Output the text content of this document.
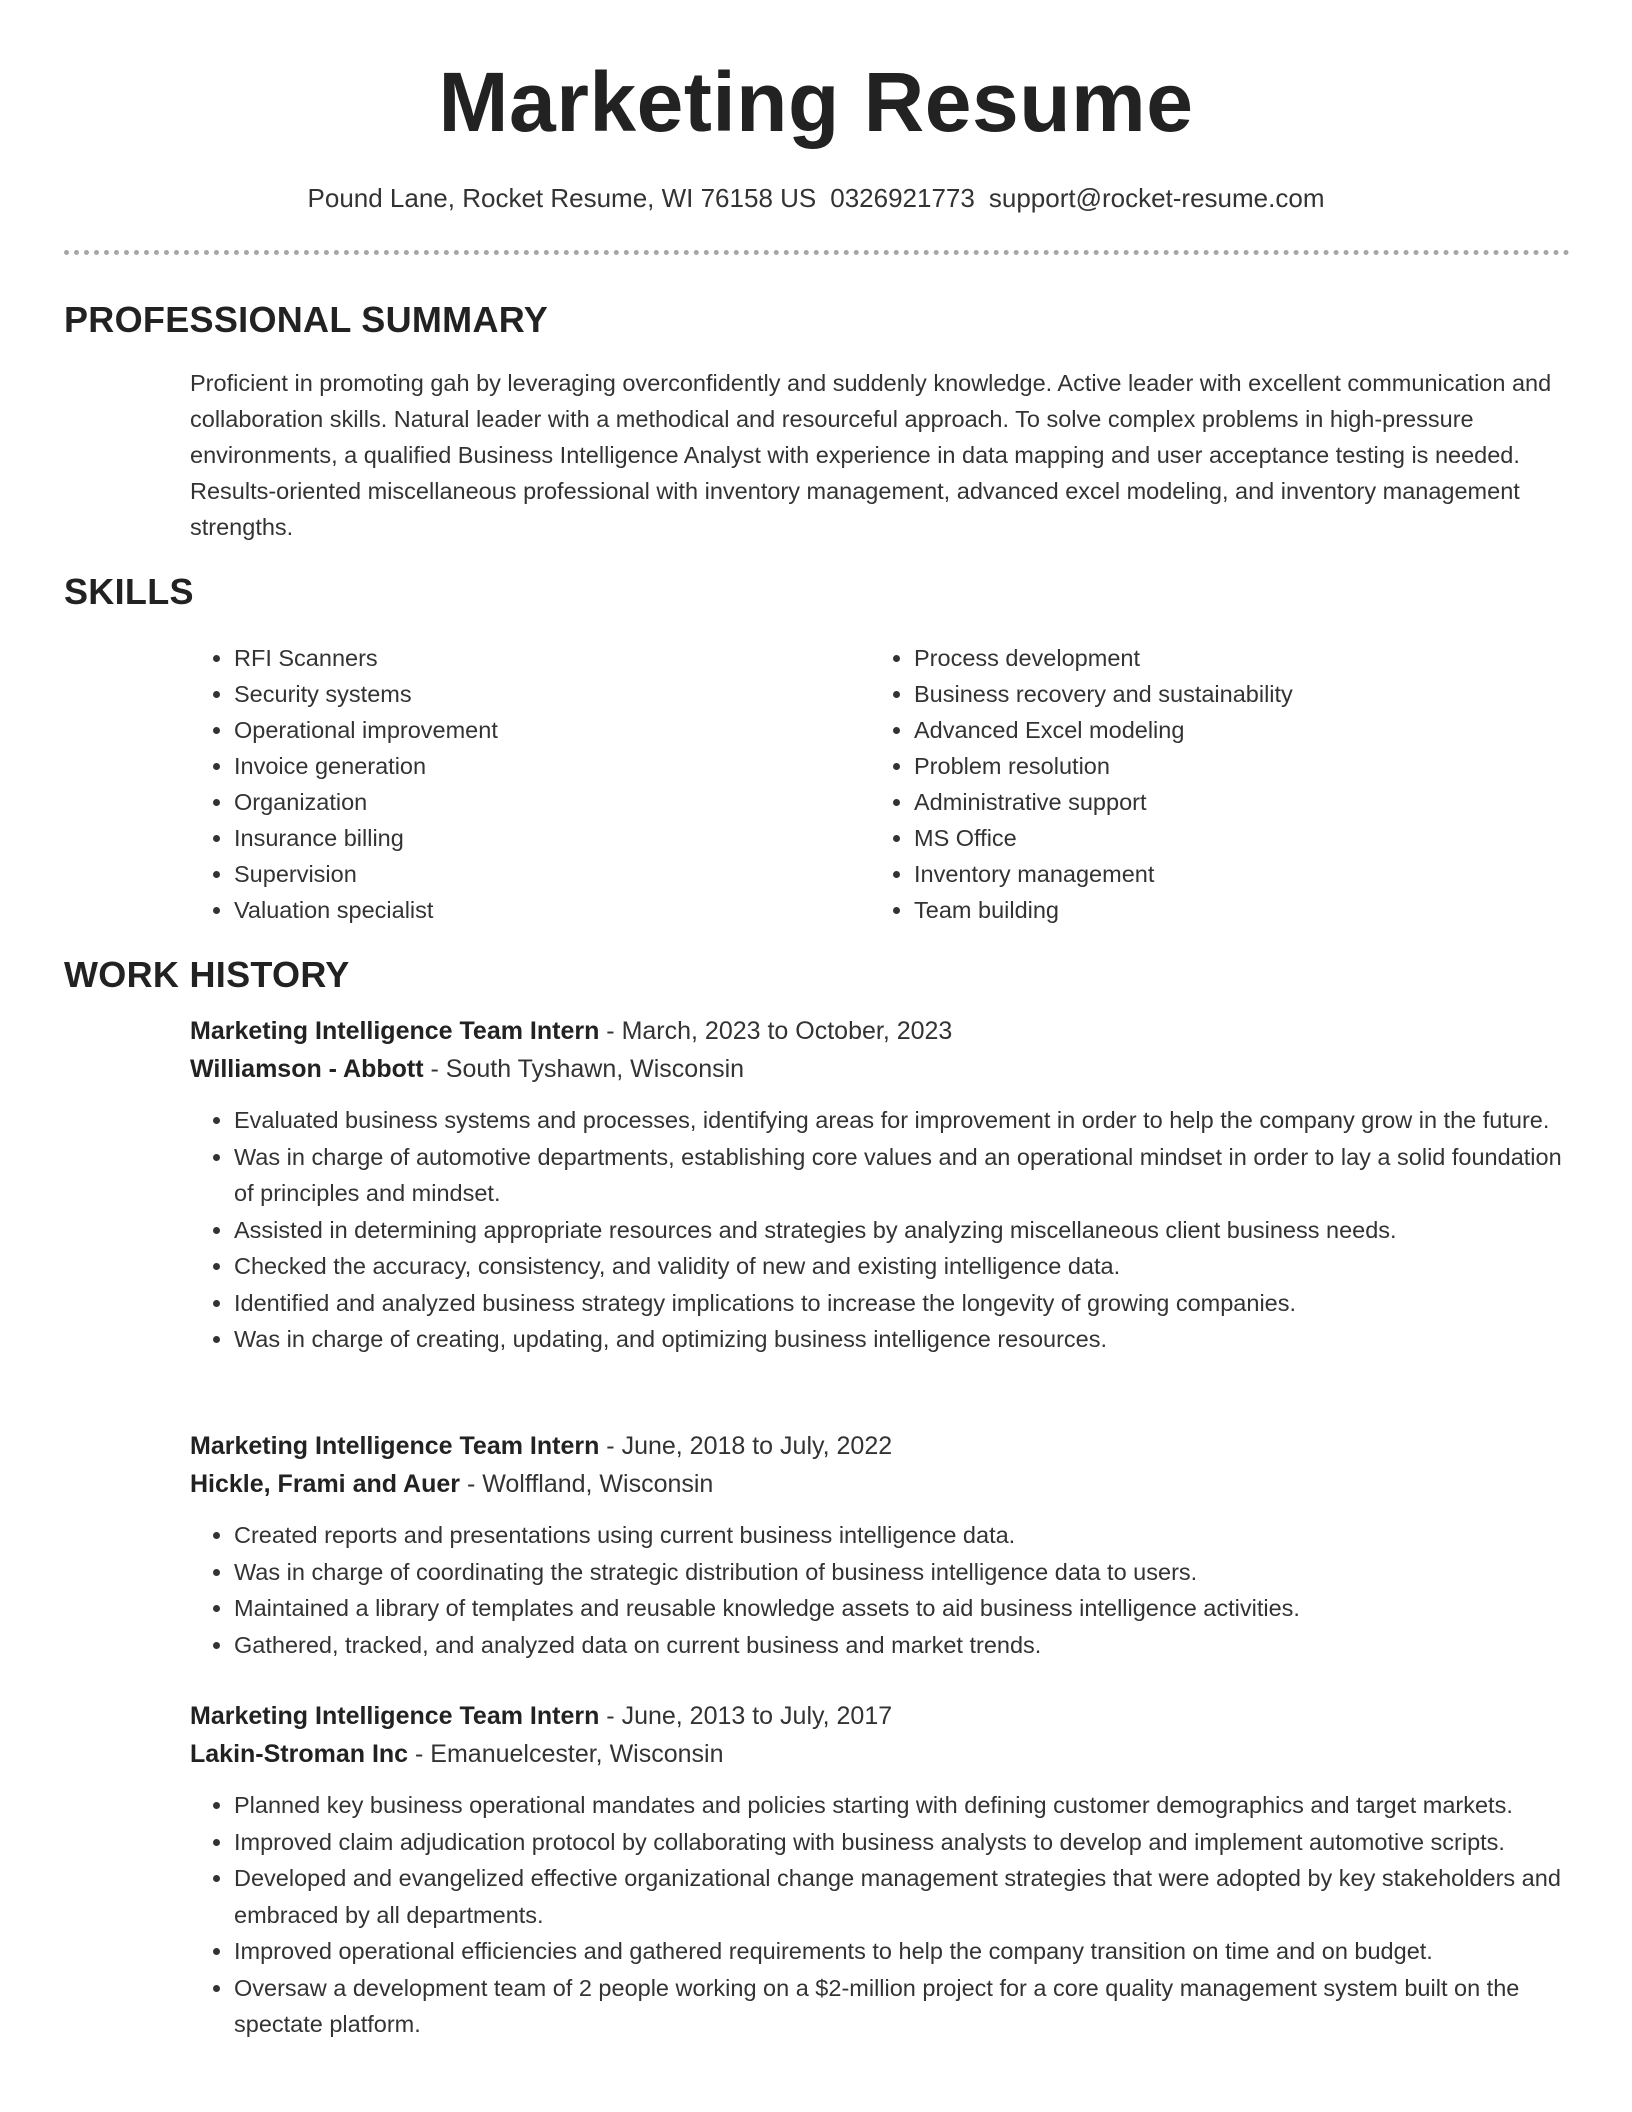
Marketing Resume
Pound Lane, Rocket Resume, WI 76158 US 0326921773 support@rocket-resume.com
PROFESSIONAL SUMMARY
Proficient in promoting gah by leveraging overconfidently and suddenly knowledge. Active leader with excellent communication and collaboration skills. Natural leader with a methodical and resourceful approach. To solve complex problems in high-pressure environments, a qualified Business Intelligence Analyst with experience in data mapping and user acceptance testing is needed. Results-oriented miscellaneous professional with inventory management, advanced excel modeling, and inventory management strengths.
SKILLS
• RFI Scanners
• Security systems
• Operational improvement
• Invoice generation
• Organization
• Insurance billing
• Supervision
• Valuation specialist
• Process development
• Business recovery and sustainability
• Advanced Excel modeling
• Problem resolution
• Administrative support
• MS Office
• Inventory management
• Team building
WORK HISTORY
Marketing Intelligence Team Intern - March, 2023 to October, 2023
Williamson - Abbott - South Tyshawn, Wisconsin
• Evaluated business systems and processes, identifying areas for improvement in order to help the company grow in the future.
• Was in charge of automotive departments, establishing core values and an operational mindset in order to lay a solid foundation of principles and mindset.
• Assisted in determining appropriate resources and strategies by analyzing miscellaneous client business needs.
• Checked the accuracy, consistency, and validity of new and existing intelligence data.
• Identified and analyzed business strategy implications to increase the longevity of growing companies.
• Was in charge of creating, updating, and optimizing business intelligence resources.
Marketing Intelligence Team Intern - June, 2018 to July, 2022
Hickle, Frami and Auer - Wolffland, Wisconsin
• Created reports and presentations using current business intelligence data.
• Was in charge of coordinating the strategic distribution of business intelligence data to users.
• Maintained a library of templates and reusable knowledge assets to aid business intelligence activities.
• Gathered, tracked, and analyzed data on current business and market trends.
Marketing Intelligence Team Intern - June, 2013 to July, 2017
Lakin-Stroman Inc - Emanuelcester, Wisconsin
• Planned key business operational mandates and policies starting with defining customer demographics and target markets.
• Improved claim adjudication protocol by collaborating with business analysts to develop and implement automotive scripts.
• Developed and evangelized effective organizational change management strategies that were adopted by key stakeholders and embraced by all departments.
• Improved operational efficiencies and gathered requirements to help the company transition on time and on budget.
• Oversaw a development team of 2 people working on a $2-million project for a core quality management system built on the spectate platform.
